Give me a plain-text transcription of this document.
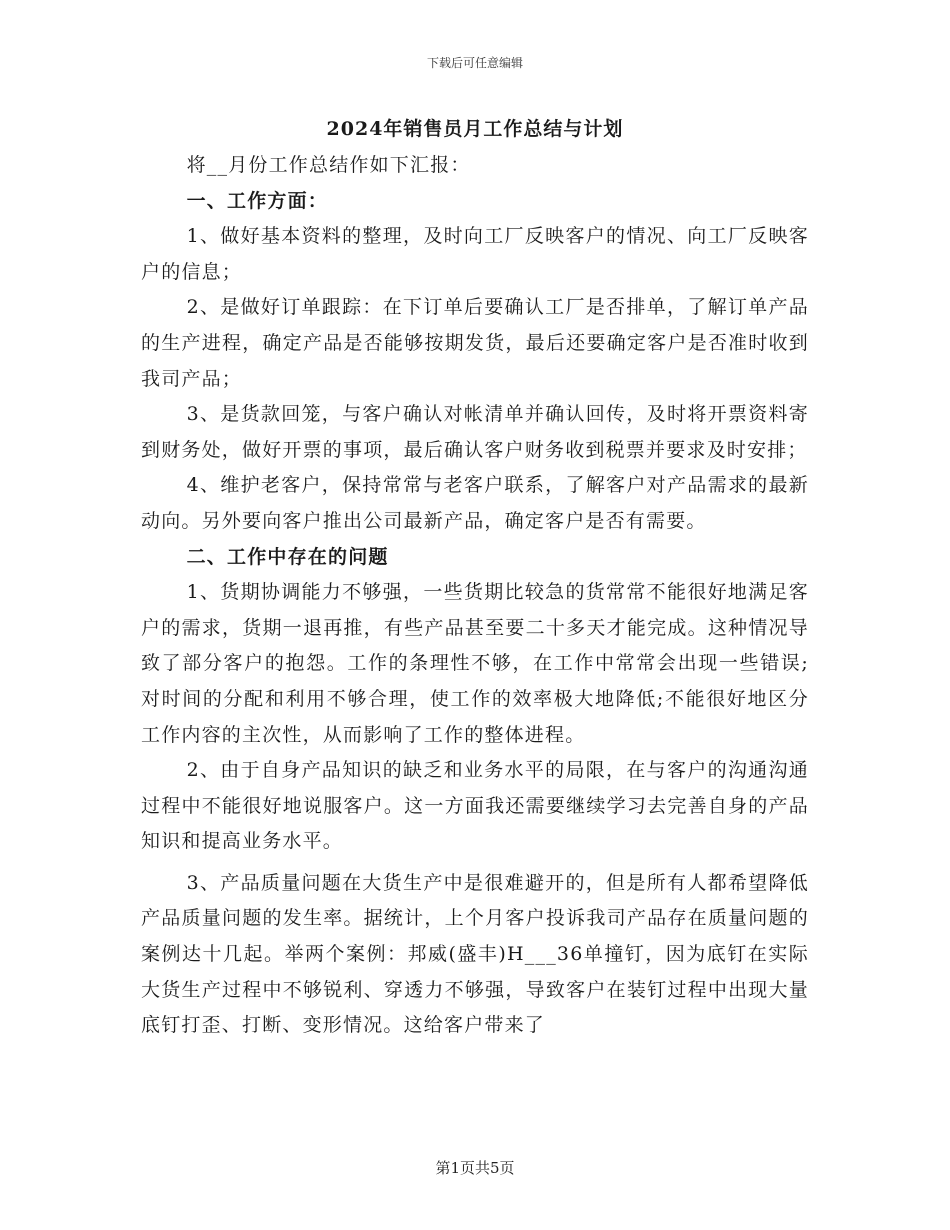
下载后可任意编辑
2024年销售员月工作总结与计划

将__月份工作总结作如下汇报：

一、工作方面：

1、做好基本资料的整理，及时向工厂反映客户的情况、向工厂反映客户的信息；

2、是做好订单跟踪：在下订单后要确认工厂是否排单，了解订单产品的生产进程，确定产品是否能够按期发货，最后还要确定客户是否准时收到我司产品；

3、是货款回笼，与客户确认对帐清单并确认回传，及时将开票资料寄到财务处，做好开票的事项，最后确认客户财务收到税票并要求及时安排；

4、维护老客户，保持常常与老客户联系，了解客户对产品需求的最新动向。另外要向客户推出公司最新产品，确定客户是否有需要。

二、工作中存在的问题

1、货期协调能力不够强，一些货期比较急的货常常不能很好地满足客户的需求，货期一退再推，有些产品甚至要二十多天才能完成。这种情况导致了部分客户的抱怨。工作的条理性不够，在工作中常常会出现一些错误;对时间的分配和利用不够合理，使工作的效率极大地降低;不能很好地区分工作内容的主次性，从而影响了工作的整体进程。

2、由于自身产品知识的缺乏和业务水平的局限，在与客户的沟通沟通过程中不能很好地说服客户。这一方面我还需要继续学习去完善自身的产品知识和提高业务水平。

3、产品质量问题在大货生产中是很难避开的，但是所有人都希望降低产品质量问题的发生率。据统计，上个月客户投诉我司产品存在质量问题的案例达十几起。举两个案例：邦威(盛丰)H___36单撞钉，因为底钉在实际大货生产过程中不够锐利、穿透力不够强，导致客户在装钉过程中出现大量底钉打歪、打断、变形情况。这给客户带来了

第1页共5页
